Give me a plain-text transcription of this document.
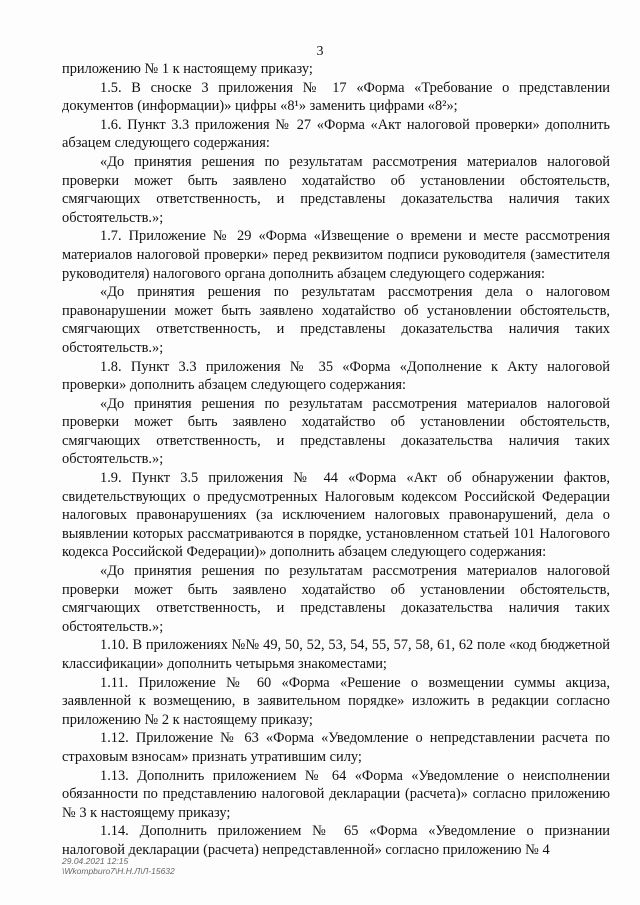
3

приложению № 1 к настоящему приказу;

1.5. В сноске 3 приложения № 17 «Форма «Требование о представлении документов (информации)» цифры «8¹» заменить цифрами «8²»;

1.6. Пункт 3.3 приложения № 27 «Форма «Акт налоговой проверки» дополнить абзацем следующего содержания:

«До принятия решения по результатам рассмотрения материалов налоговой проверки может быть заявлено ходатайство об установлении обстоятельств, смягчающих ответственность, и представлены доказательства наличия таких обстоятельств.»;

1.7. Приложение № 29 «Форма «Извещение о времени и месте рассмотрения материалов налоговой проверки» перед реквизитом подписи руководителя (заместителя руководителя) налогового органа дополнить абзацем следующего содержания:

«До принятия решения по результатам рассмотрения дела о налоговом правонарушении может быть заявлено ходатайство об установлении обстоятельств, смягчающих ответственность, и представлены доказательства наличия таких обстоятельств.»;

1.8. Пункт 3.3 приложения № 35 «Форма «Дополнение к Акту налоговой проверки» дополнить абзацем следующего содержания:

«До принятия решения по результатам рассмотрения материалов налоговой проверки может быть заявлено ходатайство об установлении обстоятельств, смягчающих ответственность, и представлены доказательства наличия таких обстоятельств.»;

1.9. Пункт 3.5 приложения № 44 «Форма «Акт об обнаружении фактов, свидетельствующих о предусмотренных Налоговым кодексом Российской Федерации налоговых правонарушениях (за исключением налоговых правонарушений, дела о выявлении которых рассматриваются в порядке, установленном статьей 101 Налогового кодекса Российской Федерации)» дополнить абзацем следующего содержания:

«До принятия решения по результатам рассмотрения материалов налоговой проверки может быть заявлено ходатайство об установлении обстоятельств, смягчающих ответственность, и представлены доказательства наличия таких обстоятельств.»;

1.10. В приложениях №№ 49, 50, 52, 53, 54, 55, 57, 58, 61, 62 поле «код бюджетной классификации» дополнить четырьмя знакоместами;

1.11. Приложение № 60 «Форма «Решение о возмещении суммы акциза, заявленной к возмещению, в заявительном порядке» изложить в редакции согласно приложению № 2 к настоящему приказу;

1.12. Приложение № 63 «Форма «Уведомление о непредставлении расчета по страховым взносам» признать утратившим силу;

1.13. Дополнить приложением № 64 «Форма «Уведомление о неисполнении обязанности по представлению налоговой декларации (расчета)» согласно приложению № 3 к настоящему приказу;

1.14. Дополнить приложением № 65 «Форма «Уведомление о признании налоговой декларации (расчета) непредставленной» согласно приложению № 4

29.04.2021 12:15
\Wkompburo7\Н.Н.Л\Л-15632
